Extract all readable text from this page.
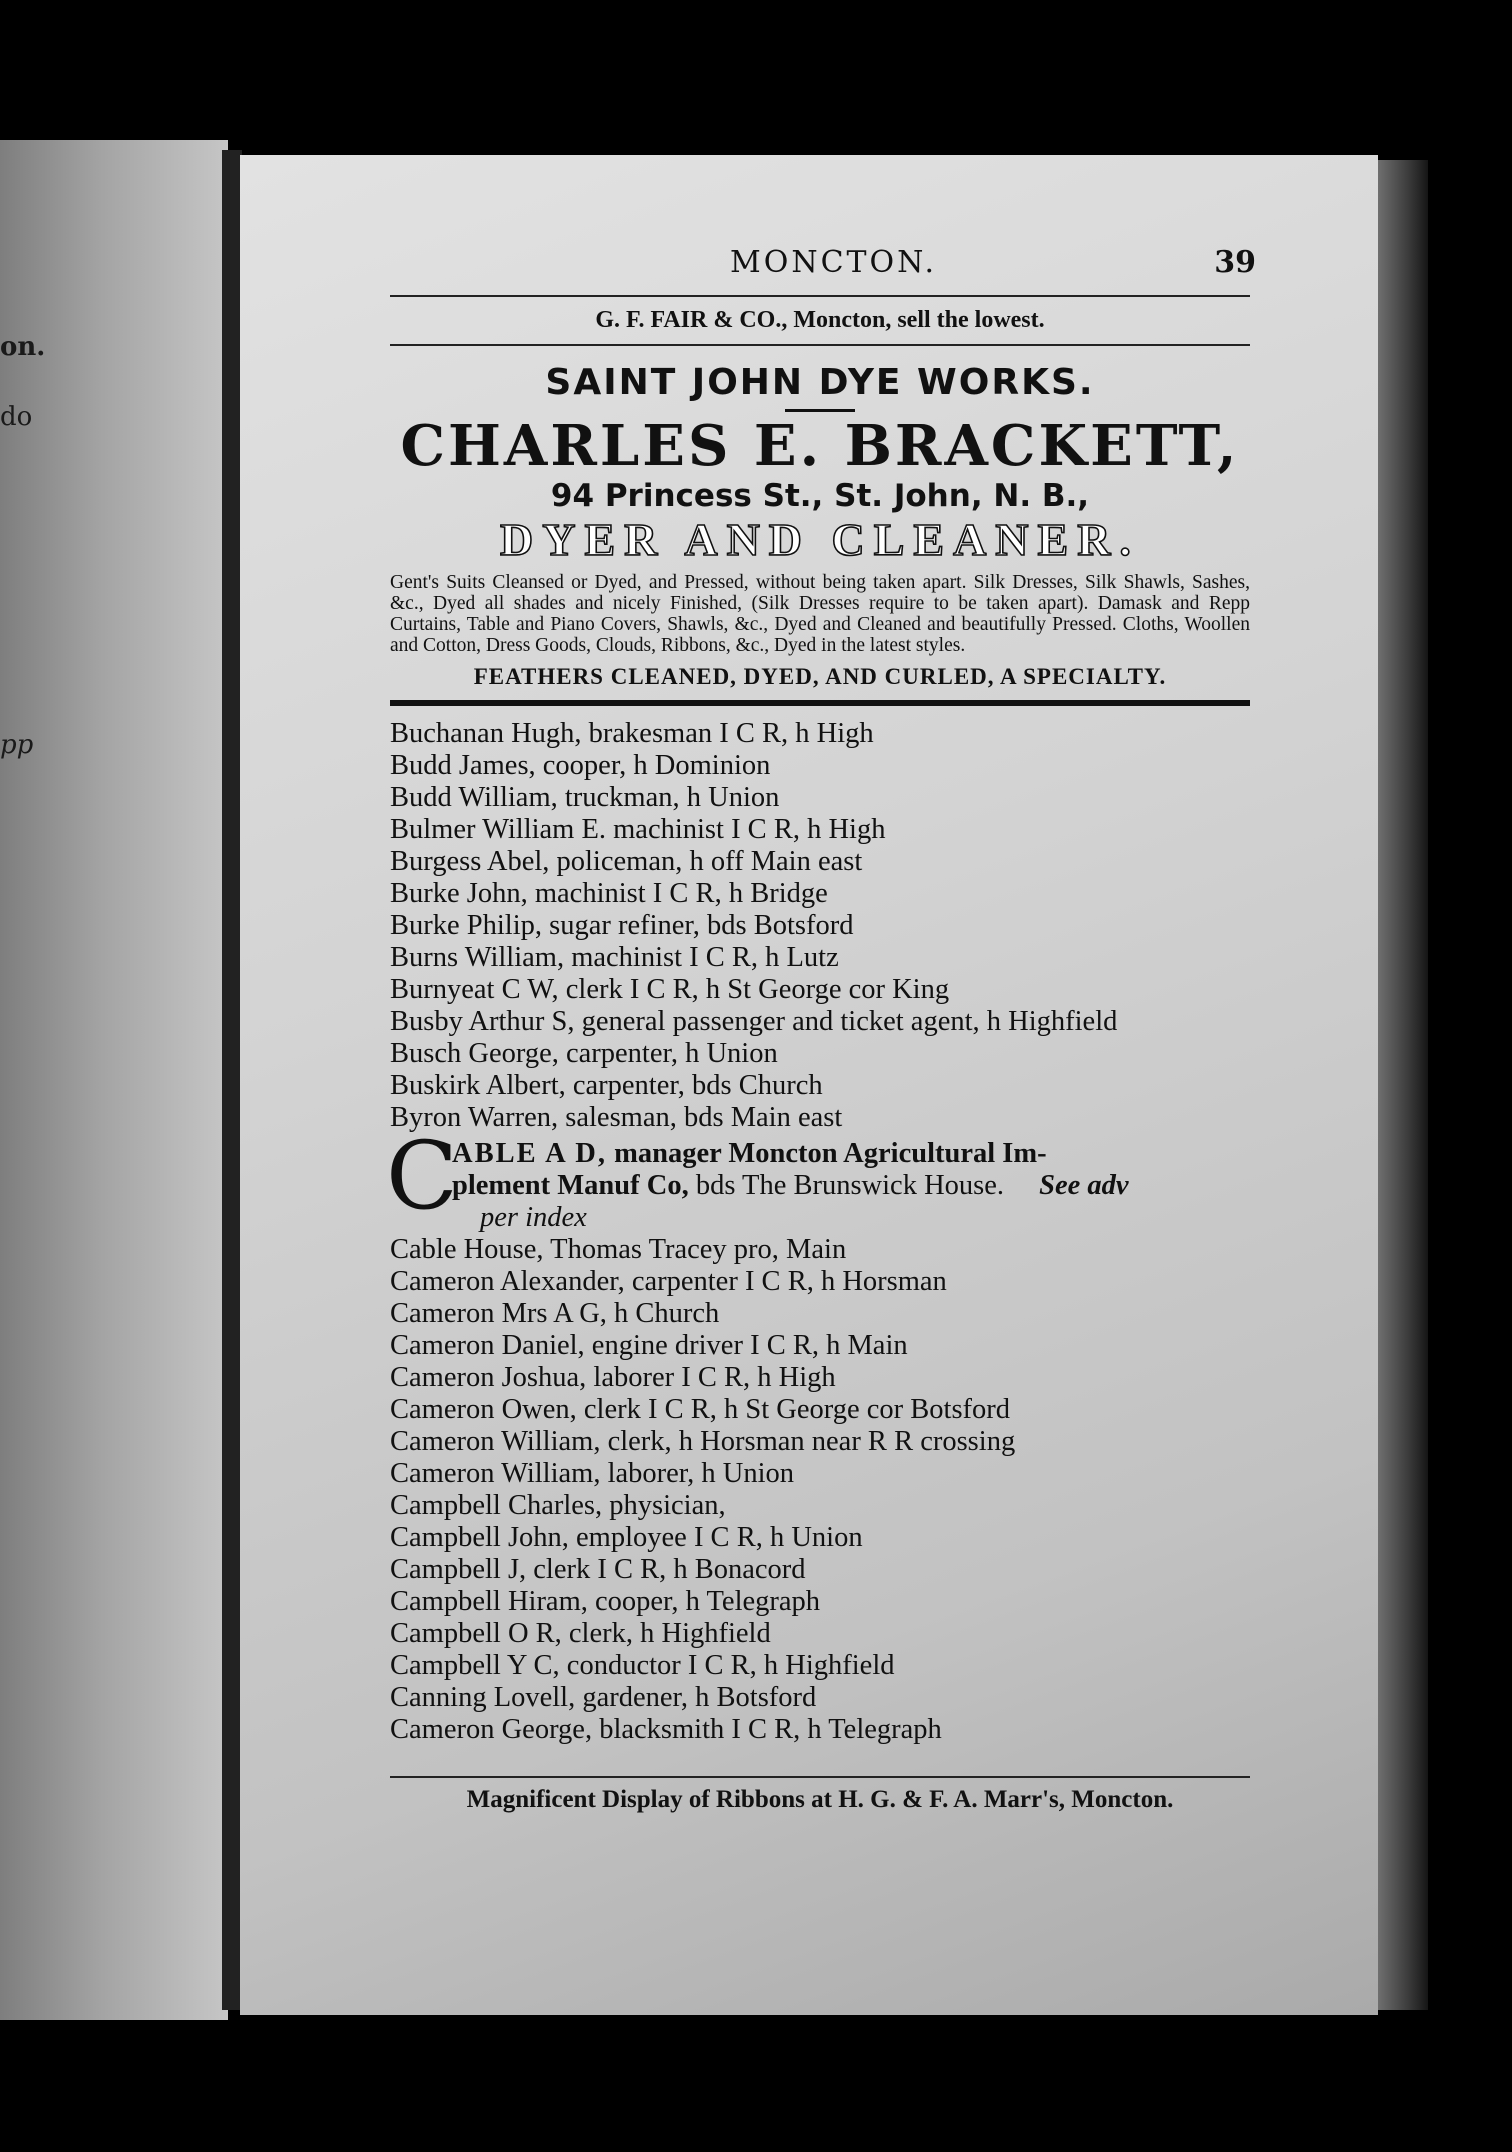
on.
do
pp
MONCTON.	39
G. F. FAIR & CO., Moncton, sell the lowest.
SAINT JOHN DYE WORKS.
CHARLES E. BRACKETT,
94 Princess St., St. John, N. B.,
DYER AND CLEANER.
Gent's Suits Cleansed or Dyed, and Pressed, without being taken apart. Silk Dresses, Silk Shawls, Sashes, &c., Dyed all shades and nicely Finished, (Silk Dresses require to be taken apart). Damask and Repp Curtains, Table and Piano Covers, Shawls, &c., Dyed and Cleaned and beautifully Pressed. Cloths, Woollen and Cotton, Dress Goods, Clouds, Ribbons, &c., Dyed in the latest styles.
FEATHERS CLEANED, DYED, AND CURLED, A SPECIALTY.
Buchanan Hugh, brakesman I C R, h High
Budd James, cooper, h Dominion
Budd William, truckman, h Union
Bulmer William E. machinist I C R, h High
Burgess Abel, policeman, h off Main east
Burke John, machinist I C R, h Bridge
Burke Philip, sugar refiner, bds Botsford
Burns William, machinist I C R, h Lutz
Burnyeat C W, clerk I C R, h St George cor King
Busby Arthur S, general passenger and ticket agent, h Highfield
Busch George, carpenter, h Union
Buskirk Albert, carpenter, bds Church
Byron Warren, salesman, bds Main east
C
ABLE A D, manager Moncton Agricultural Im-
plement Manuf Co, bds The Brunswick House. See adv
per index
Cable House, Thomas Tracey pro, Main
Cameron Alexander, carpenter I C R, h Horsman
Cameron Mrs A G, h Church
Cameron Daniel, engine driver I C R, h Main
Cameron Joshua, laborer I C R, h High
Cameron Owen, clerk I C R, h St George cor Botsford
Cameron William, clerk, h Horsman near R R crossing
Cameron William, laborer, h Union
Campbell Charles, physician,
Campbell John, employee I C R, h Union
Campbell J, clerk I C R, h Bonacord
Campbell Hiram, cooper, h Telegraph
Campbell O R, clerk, h Highfield
Campbell Y C, conductor I C R, h Highfield
Canning Lovell, gardener, h Botsford
Cameron George, blacksmith I C R, h Telegraph
Magnificent Display of Ribbons at H. G. & F. A. Marr's, Moncton.
